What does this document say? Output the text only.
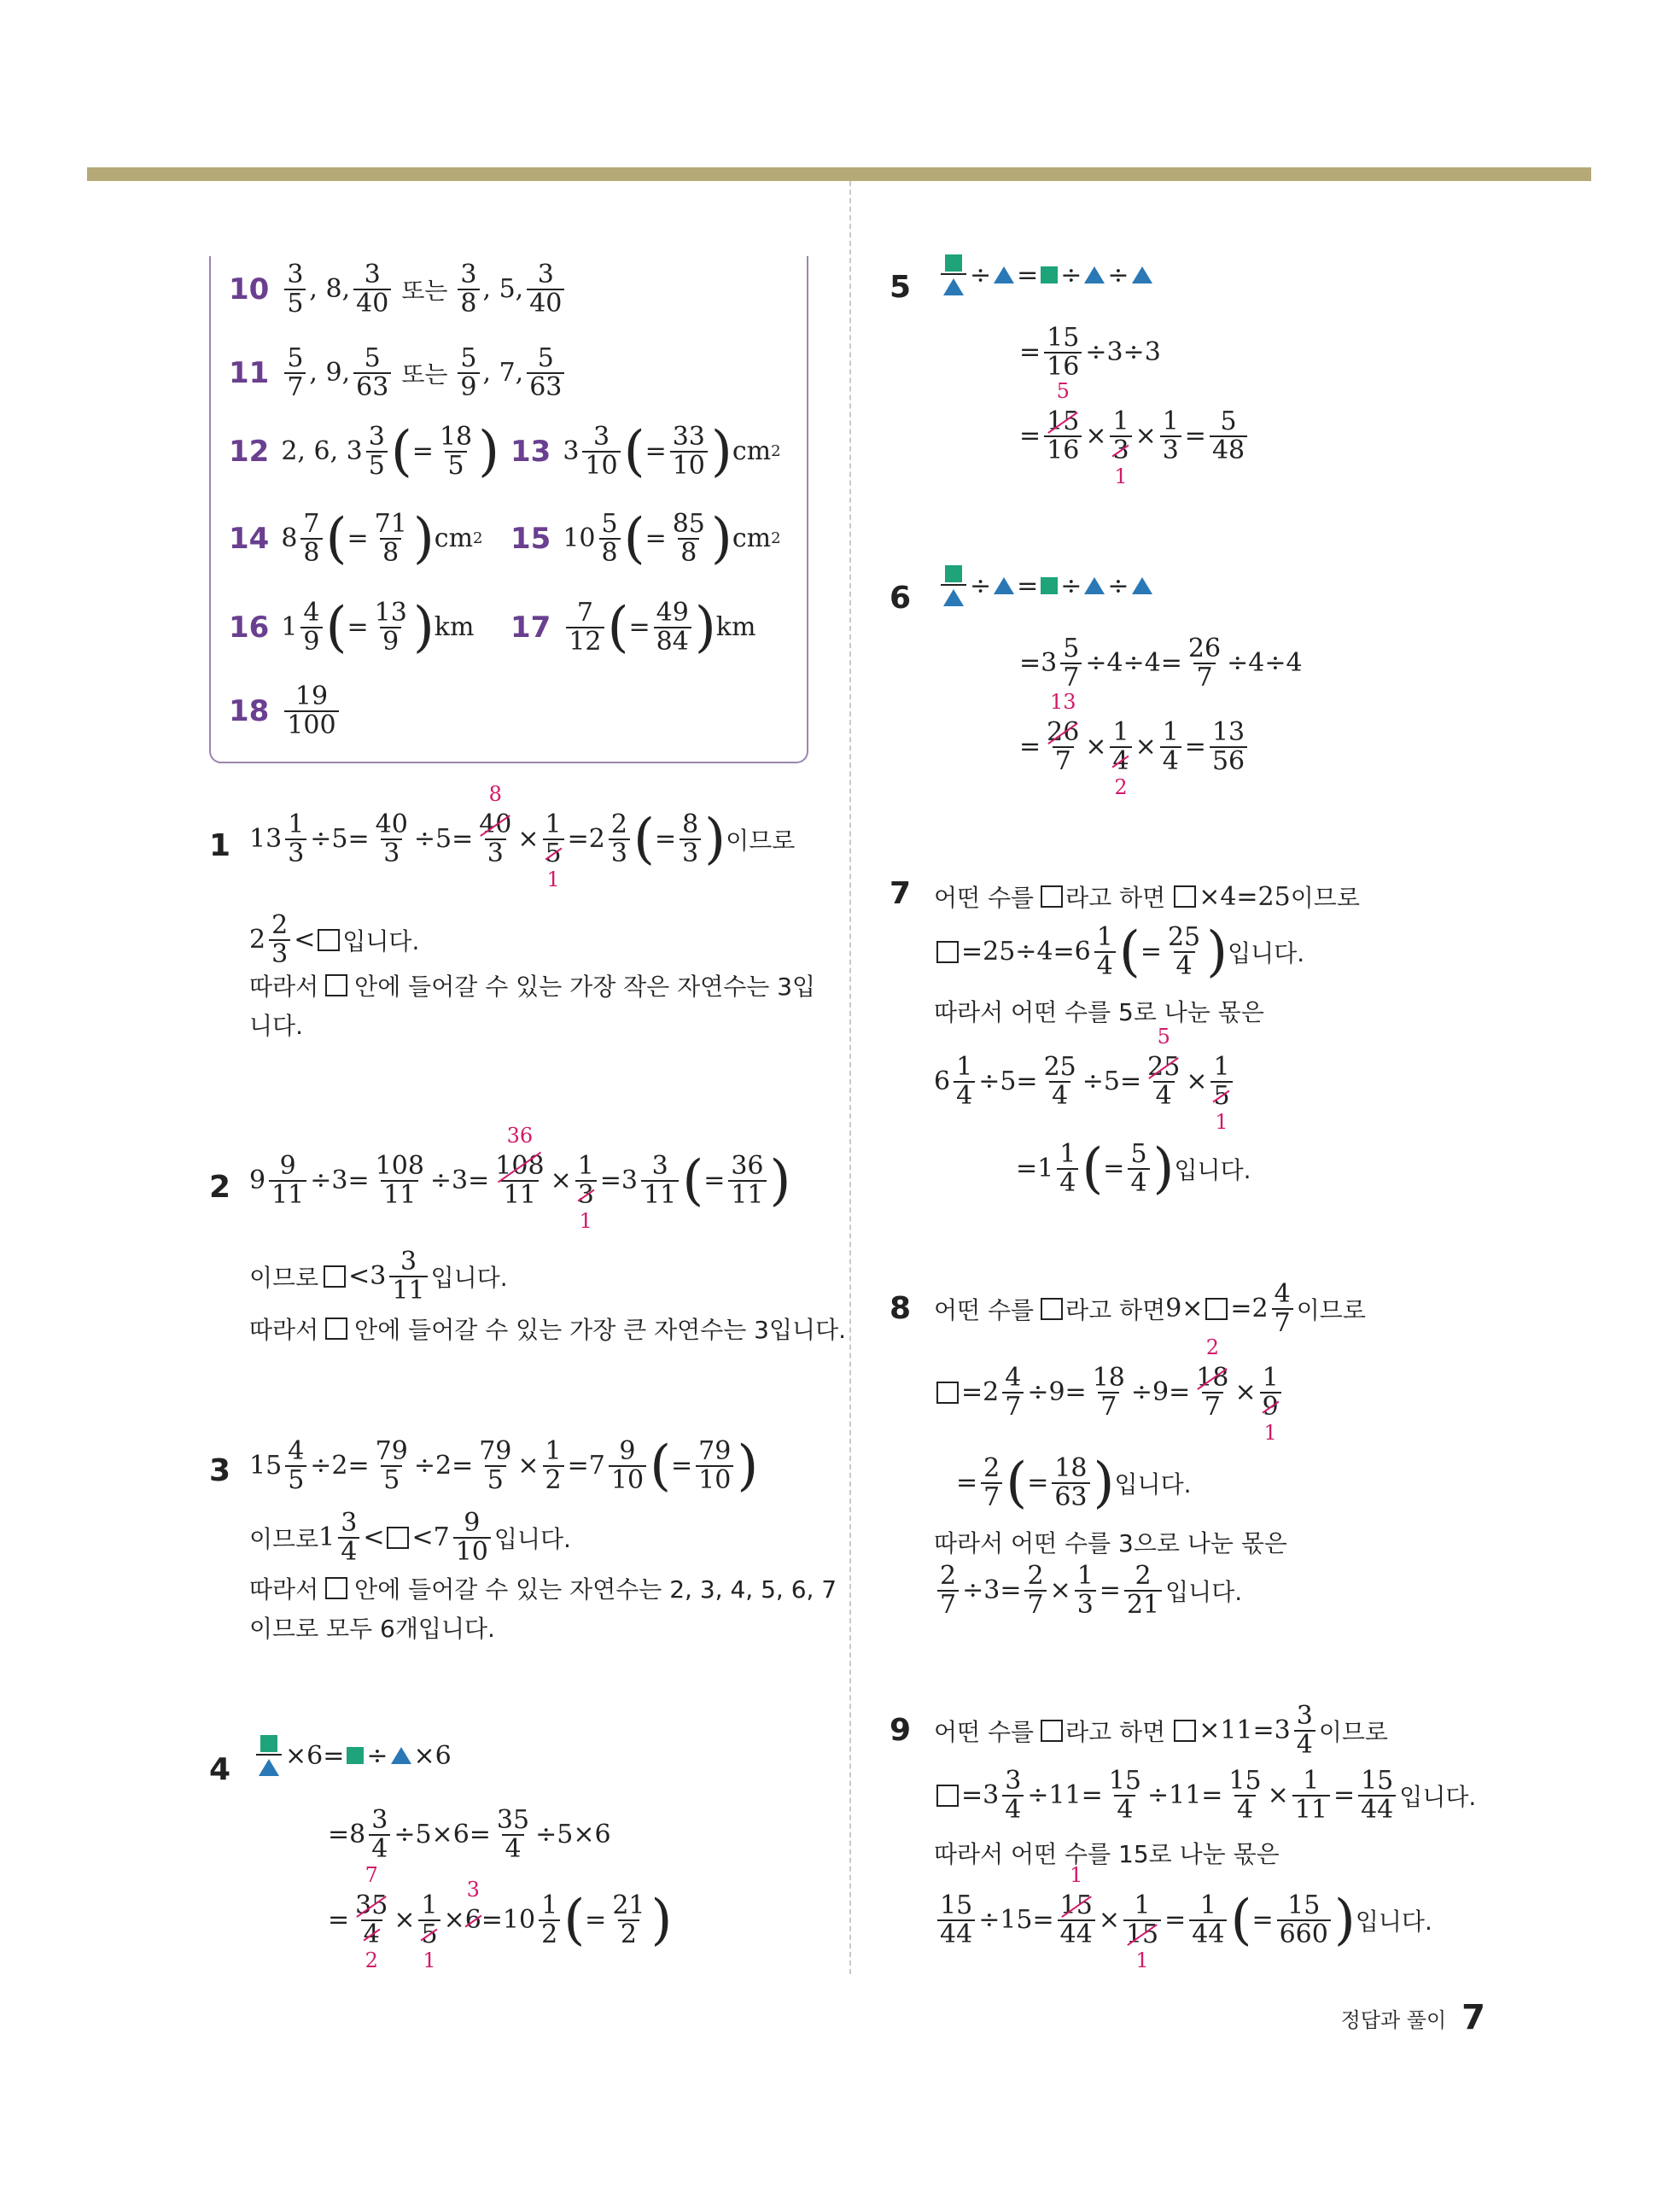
$10 \frac{3}{5}$ , 8, $\frac{3}{40}$ 또는 $\frac{3}{8}$ , 5, $\frac{3}{40}$
$11 \frac{5}{7}$ , 9, $\frac{5}{63}$ 또는 $\frac{5}{9}$ , 7, $\frac{5}{63}$
12 2, 6, $3 \frac{3}{5}$ ( = $\frac{18}{5}$ ) 13 $3 \frac{3}{10}$ ( = $\frac{33}{10}$ ) cm 2
14 $8 \frac{7}{8}$ ( = $\frac{71}{8}$ ) cm 2 15 $10 \frac{5}{8}$ ( = $\frac{85}{8}$ ) cm 2
16 $1 \frac{4}{9}$ ( = $\frac{13}{9}$ ) km $17 \frac{7}{12}$ ( = $\frac{49}{84}$ ) km
$18 \frac{19}{100}$
1 $13 \frac{1}{3} \div 5= \frac{40}{3} \div 5= 40$
8
3 × 1
5
$1 =2 \frac{2}{3}$ ( = $\frac{8}{3}$ ) 이므로
$2 \frac{2}{3}$ < 입니다.
따라서 안에 들어갈 수 있는 가장 작은 자연수는 3입
니다.
2 $9 \frac{9}{11} \div 3= \frac{108}{11} \div 3= 108$
36
11 × 1
3
$1 =3 \frac{3}{11}$ ( = $\frac{36}{11}$ )
이므로 $<3 \frac{3}{11}$ 입니다.
따라서 안에 들어갈 수 있는 가장 큰 자연수는 3입니다.
3 $15 \frac{4}{5} \div 2= \frac{79}{5} \div 2= \frac{79}{5} \times \frac{1}{2} =7 \frac{9}{10}$ ( = $\frac{79}{10}$ )
이므로 $1 \frac{3}{4} < <7 \frac{9}{10}$ 입니다.
따라서 안에 들어갈 수 있는 자연수는 2, 3, 4, 5, 6, 7
이므로 모두 6개입니다.
4	×6= ÷ ×6
$=8 \frac{3}{4} \div 5\times 6= \frac{35}{4} \div 5\times 6$
= 35
7
4
2 × 1
5
1 × 6
3
$=10 \frac{1}{2}$ ( = $\frac{21}{2}$ )
5	÷ = ÷ ÷
= $\frac{15}{16} \div 3\div 3$
= 15
5
16 × 1
3
$1 \times \frac{1}{3} = \frac{5}{48}$
6	÷ = ÷ ÷
$=3 \frac{5}{7} \div 4\div 4= \frac{26}{7} \div 4\div 4$
= 26
13
7 × 1
4
$2 \times \frac{1}{4} = \frac{13}{56}$
7 어떤 수를 라고 하면 ×4=25 이므로
$=25\div 4=6 \frac{1}{4}$ ( = $\frac{25}{4}$ ) 입니다.
따라서 어떤 수를 5로 나눈 몫은
$6 \frac{1}{4} \div 5= \frac{25}{4} \div 5= 25$
5
4 × 1
5
1
$=1 \frac{1}{4}$ ( = $\frac{5}{4}$ ) 입니다.
8 어떤 수를 라고 하면 $9\times =2 \frac{4}{7}$ 이므로
$=2 \frac{4}{7} \div 9= \frac{18}{7} \div 9= 18$
2
7 × 1
9
1
= $\frac{2}{7}$ ( = $\frac{18}{63}$ ) 입니다.
따라서 어떤 수를 3으로 나눈 몫은
$\frac{2}{7} \div 3= \frac{2}{7} \times \frac{1}{3} = \frac{2}{21}$ 입니다.
9 어떤 수를 라고 하면 $\times 11=3 \frac{3}{4}$ 이므로
$=3 \frac{3}{4} \div 11= \frac{15}{4} \div 11= \frac{15}{4} \times \frac{1}{11} = \frac{15}{44}$ 입니다.
따라서 어떤 수를 15로 나눈 몫은
$\frac{15}{44} \div 15= 15$
1
44 × 1
15
$1 = \frac{1}{44}$ ( = $\frac{15}{660}$ ) 입니다.
정답과 풀이 7
